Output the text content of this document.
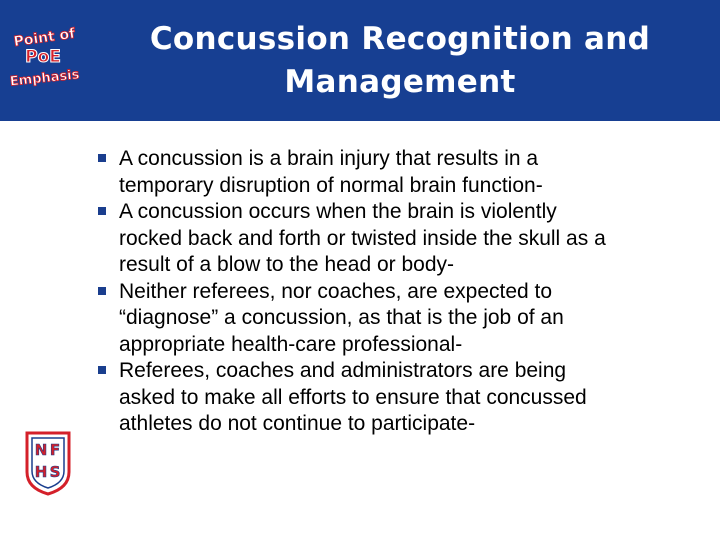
Point of
PoE
Emphasis
Concussion Recognition and
Management
A concussion is a brain injury that results in a
temporary disruption of normal brain function-
A concussion occurs when the brain is violently
rocked back and forth or twisted inside the skull as a
result of a blow to the head or body-
Neither referees, nor coaches, are expected to
“diagnose” a concussion, as that is the job of an
appropriate health-care professional-
Referees, coaches and administrators are being
asked to make all efforts to ensure that concussed
athletes do not continue to participate-
N F
H S
